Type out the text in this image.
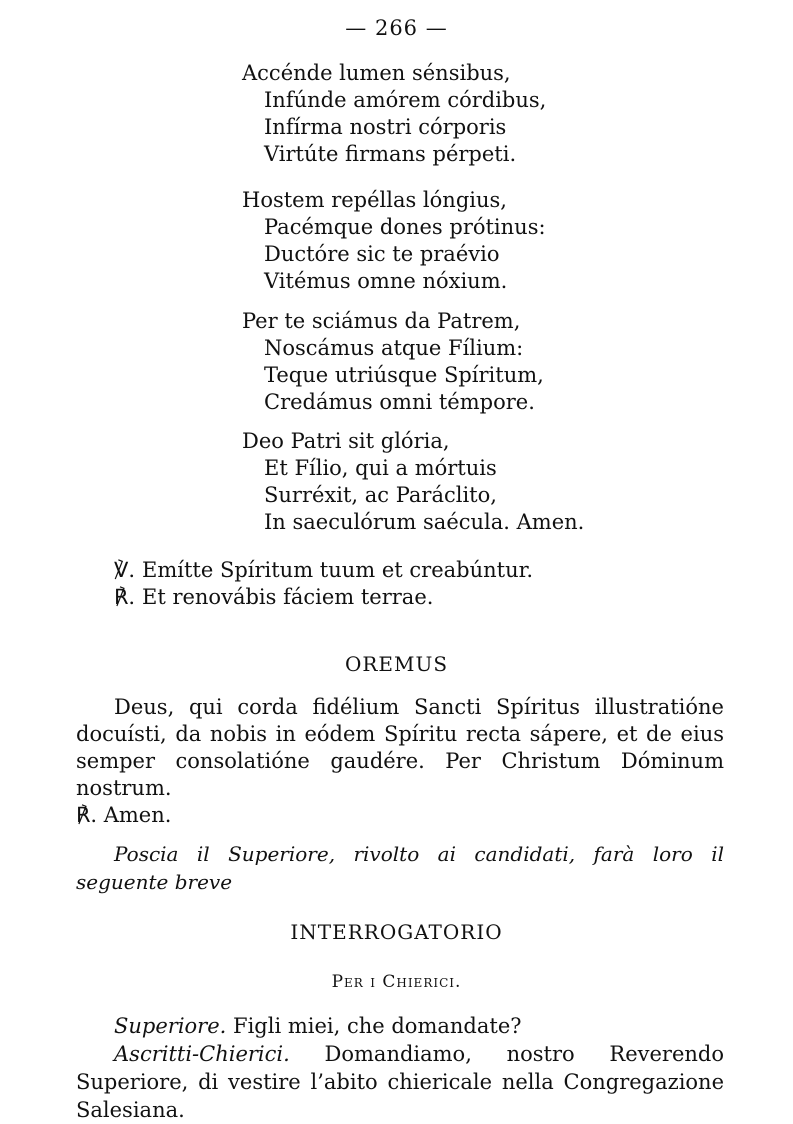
— 266 —
Accénde lumen sénsibus,
Infúnde amórem córdibus,
Infírma nostri córporis
Virtúte firmans pérpeti.
Hostem repéllas lóngius,
Pacémque dones prótinus:
Ductóre sic te praévio
Vitémus omne nóxium.
Per te sciámus da Patrem,
Noscámus atque Fílium:
Teque utriúsque Spíritum,
Credámus omni témpore.
Deo Patri sit glória,
Et Fílio, qui a mórtuis
Surréxit, ac Paráclito,
In saeculórum saécula. Amen.
℣. Emítte Spíritum tuum et creabúntur.
℟. Et renovábis fáciem terrae.
OREMUS

Deus, qui corda fidélium Sancti Spíritus illustratióne docuísti, da nobis in eódem Spíritu recta sápere, et de eius semper consolatióne gaudére. Per Christum Dóminum nostrum.

℟. Amen.

Poscia il Superiore, rivolto ai candidati, farà loro il seguente breve
INTERROGATORIO
Per i Chierici.

Superiore. Figli miei, che domandate?

Ascritti-Chierici. Domandiamo, nostro Reverendo Superiore, di vestire l’abito chiericale nella Congregazione Salesiana.
